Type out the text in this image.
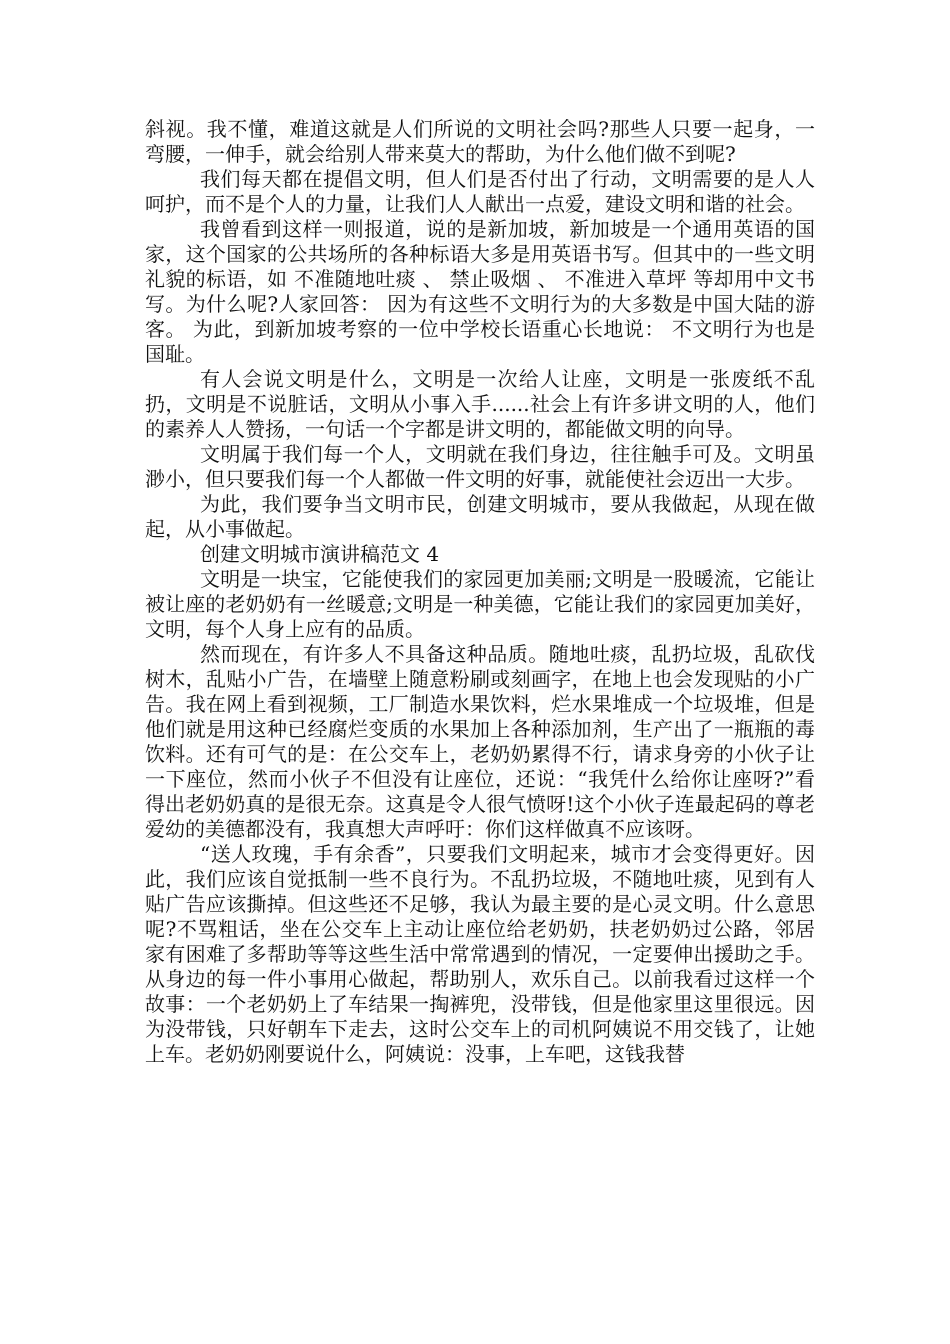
斜视。我不懂，难道这就是人们所说的文明社会吗?那些人只要一起身，一弯腰，一伸手，就会给别人带来莫大的帮助，为什么他们做不到呢?

我们每天都在提倡文明，但人们是否付出了行动，文明需要的是人人呵护，而不是个人的力量，让我们人人献出一点爱，建设文明和谐的社会。

我曾看到这样一则报道，说的是新加坡，新加坡是一个通用英语的国家，这个国家的公共场所的各种标语大多是用英语书写。但其中的一些文明礼貌的标语，如 不准随地吐痰 、 禁止吸烟 、 不准进入草坪 等却用中文书写。为什么呢?人家回答： 因为有这些不文明行为的大多数是中国大陆的游客。 为此，到新加坡考察的一位中学校长语重心长地说： 不文明行为也是国耻。

有人会说文明是什么，文明是一次给人让座，文明是一张废纸不乱扔，文明是不说脏话，文明从小事入手......社会上有许多讲文明的人，他们的素养人人赞扬，一句话一个字都是讲文明的，都能做文明的向导。

文明属于我们每一个人，文明就在我们身边，往往触手可及。文明虽渺小，但只要我们每一个人都做一件文明的好事，就能使社会迈出一大步。

为此，我们要争当文明市民，创建文明城市，要从我做起，从现在做起，从小事做起。

创建文明城市演讲稿范文 4

文明是一块宝，它能使我们的家园更加美丽;文明是一股暖流，它能让被让座的老奶奶有一丝暖意;文明是一种美德，它能让我们的家园更加美好，文明，每个人身上应有的品质。

然而现在，有许多人不具备这种品质。随地吐痰，乱扔垃圾，乱砍伐树木，乱贴小广告，在墙壁上随意粉刷或刻画字，在地上也会发现贴的小广告。我在网上看到视频，工厂制造水果饮料，烂水果堆成一个垃圾堆，但是他们就是用这种已经腐烂变质的水果加上各种添加剂，生产出了一瓶瓶的毒饮料。还有可气的是：在公交车上，老奶奶累得不行，请求身旁的小伙子让一下座位，然而小伙子不但没有让座位，还说：“我凭什么给你让座呀?”看得出老奶奶真的是很无奈。这真是令人很气愤呀!这个小伙子连最起码的尊老爱幼的美德都没有，我真想大声呼吁：你们这样做真不应该呀。

“送人玫瑰，手有余香”，只要我们文明起来，城市才会变得更好。因此，我们应该自觉抵制一些不良行为。不乱扔垃圾，不随地吐痰，见到有人贴广告应该撕掉。但这些还不足够，我认为最主要的是心灵文明。什么意思呢?不骂粗话，坐在公交车上主动让座位给老奶奶，扶老奶奶过公路，邻居家有困难了多帮助等等这些生活中常常遇到的情况，一定要伸出援助之手。从身边的每一件小事用心做起，帮助别人，欢乐自己。以前我看过这样一个故事：一个老奶奶上了车结果一掏裤兜，没带钱，但是他家里这里很远。因为没带钱，只好朝车下走去，这时公交车上的司机阿姨说不用交钱了，让她上车。老奶奶刚要说什么，阿姨说：没事，上车吧，这钱我替
